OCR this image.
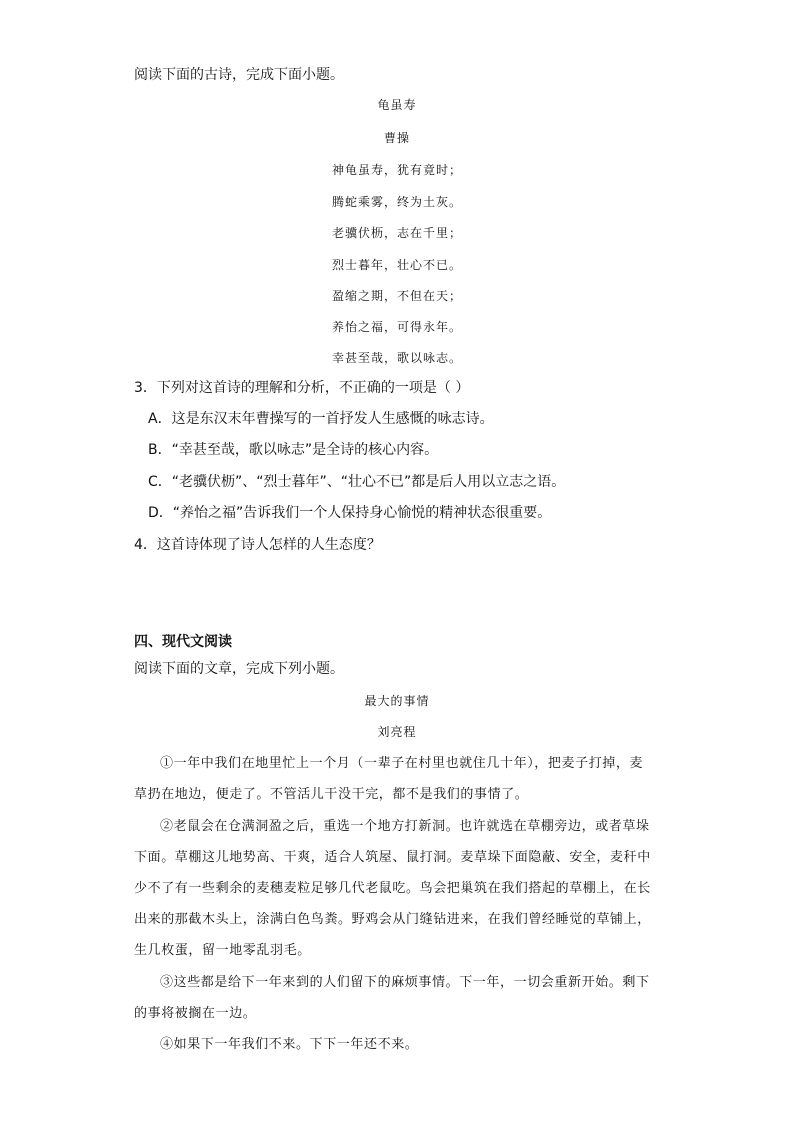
阅读下面的古诗，完成下面小题。
龟虽寿
曹操
神龟虽寿，犹有竟时；
腾蛇乘雾，终为土灰。
老骥伏枥，志在千里；
烈士暮年，壮心不已。
盈缩之期，不但在天；
养怡之福，可得永年。
幸甚至哉，歌以咏志。
3．下列对这首诗的理解和分析，不正确的一项是（ ）
A．这是东汉末年曹操写的一首抒发人生感慨的咏志诗。
B．“幸甚至哉，歌以咏志”是全诗的核心内容。
C．“老骥伏枥”、“烈士暮年”、“壮心不已”都是后人用以立志之语。
D．“养怡之福”告诉我们一个人保持身心愉悦的精神状态很重要。
4．这首诗体现了诗人怎样的人生态度？
四、现代文阅读
阅读下面的文章，完成下列小题。
最大的事情
刘亮程
①一年中我们在地里忙上一个月（一辈子在村里也就住几十年），把麦子打掉，麦
草扔在地边，便走了。不管活儿干没干完，都不是我们的事情了。
②老鼠会在仓满洞盈之后，重选一个地方打新洞。也许就选在草棚旁边，或者草垛
下面。草棚这儿地势高、干爽，适合人筑屋、鼠打洞。麦草垛下面隐蔽、安全，麦秆中
少不了有一些剩余的麦穗麦粒足够几代老鼠吃。鸟会把巢筑在我们搭起的草棚上，在长
出来的那截木头上，涂满白色鸟粪。野鸡会从门缝钻进来，在我们曾经睡觉的草铺上，
生几枚蛋，留一地零乱羽毛。
③这些都是给下一年来到的人们留下的麻烦事情。下一年，一切会重新开始。剩下
的事将被搁在一边。
④如果下一年我们不来。下下一年还不来。
